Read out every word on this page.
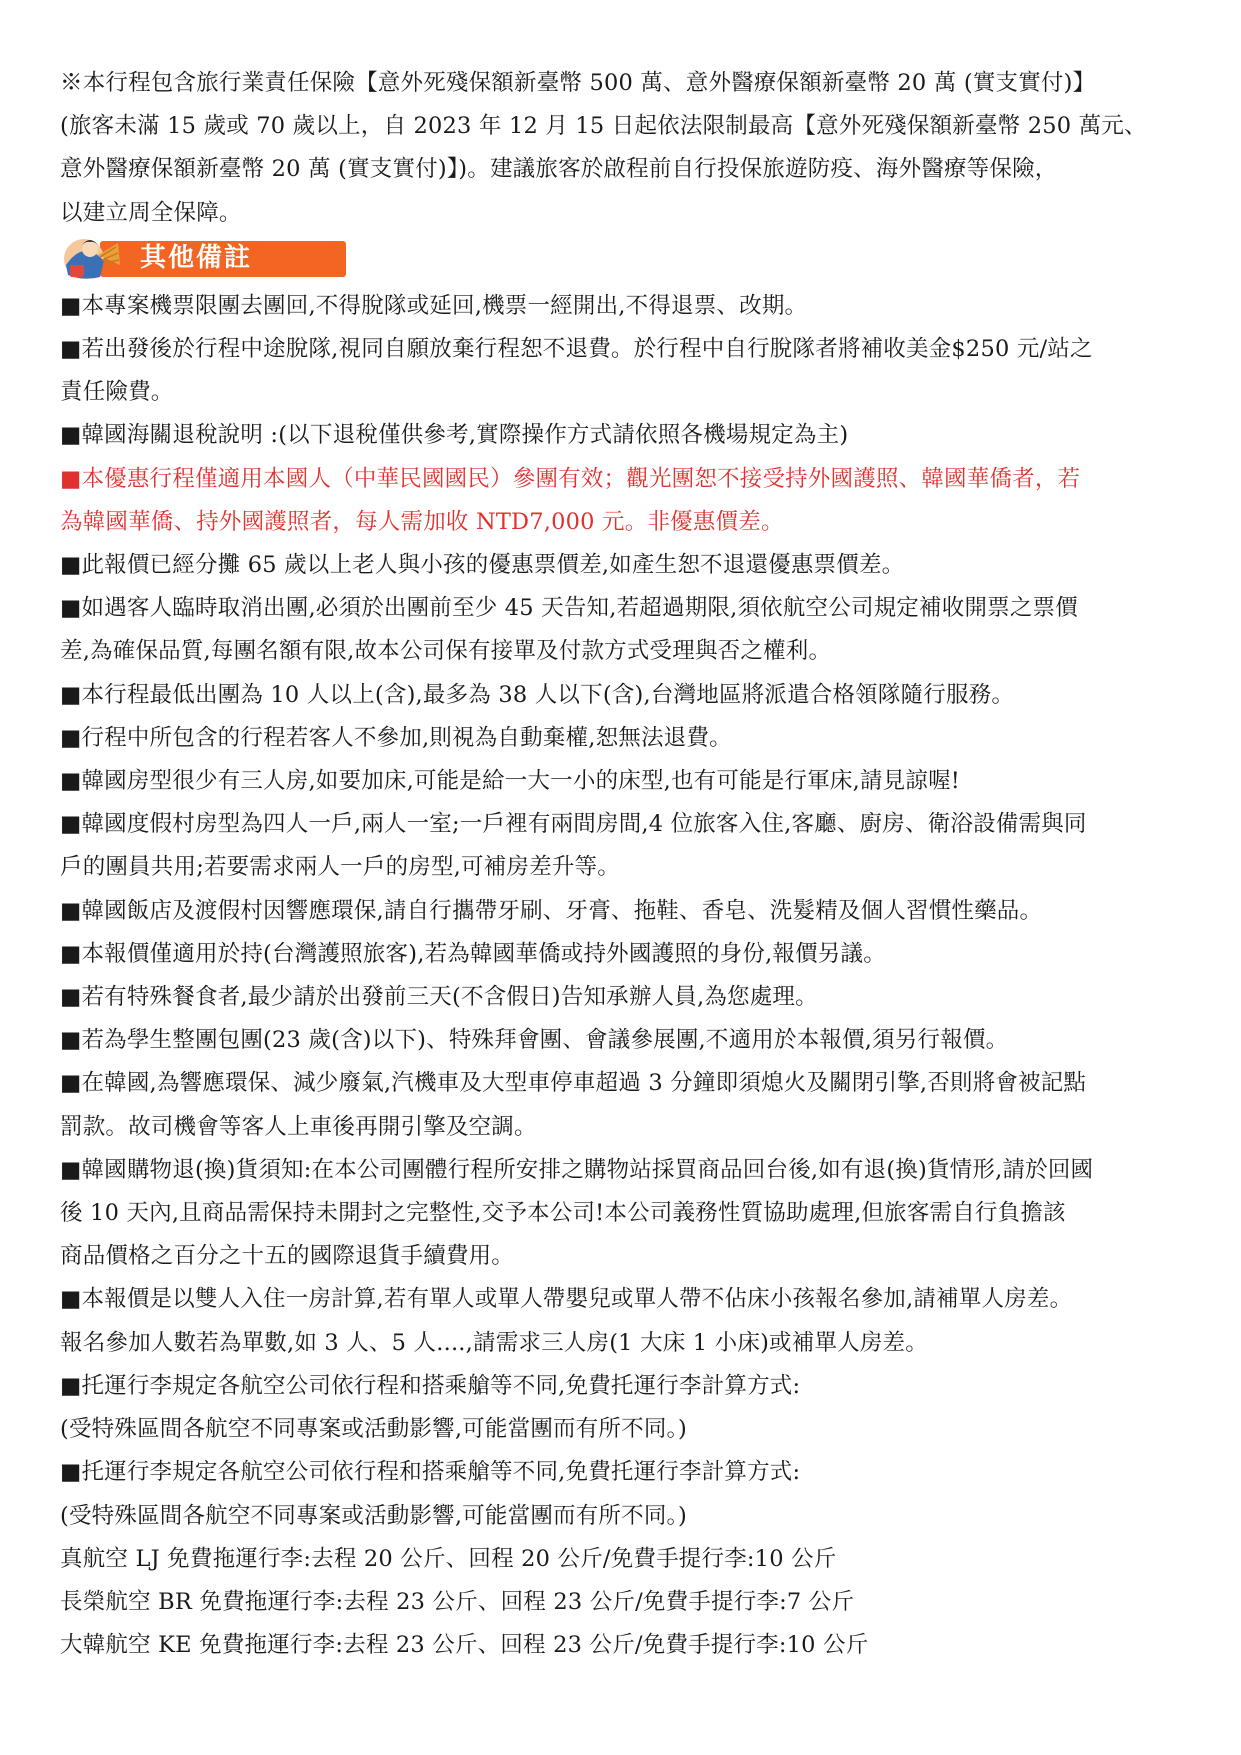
※本行程包含旅行業責任保險【意外死殘保額新臺幣 500 萬、意外醫療保額新臺幣 20 萬 (實支實付)】

(旅客未滿 15 歲或 70 歲以上，自 2023 年 12 月 15 日起依法限制最高【意外死殘保額新臺幣 250 萬元、

意外醫療保額新臺幣 20 萬 (實支實付)】)。建議旅客於啟程前自行投保旅遊防疫、海外醫療等保險，

以建立周全保障。

其他備註

■本專案機票限團去團回,不得脫隊或延回,機票一經開出,不得退票、改期。

■若出發後於行程中途脫隊,視同自願放棄行程恕不退費。於行程中自行脫隊者將補收美金$250 元/站之

責任險費。

■韓國海關退稅說明 :(以下退稅僅供參考,實際操作方式請依照各機場規定為主)

■本優惠行程僅適用本國人（中華民國國民）參團有效；觀光團恕不接受持外國護照、韓國華僑者，若

為韓國華僑、持外國護照者，每人需加收 NTD7,000 元。非優惠價差。

■此報價已經分攤 65 歲以上老人與小孩的優惠票價差,如產生恕不退還優惠票價差。

■如遇客人臨時取消出團,必須於出團前至少 45 天告知,若超過期限,須依航空公司規定補收開票之票價

差,為確保品質,每團名額有限,故本公司保有接單及付款方式受理與否之權利。

■本行程最低出團為 10 人以上(含),最多為 38 人以下(含),台灣地區將派遣合格領隊隨行服務。

■行程中所包含的行程若客人不參加,則視為自動棄權,恕無法退費。

■韓國房型很少有三人房,如要加床,可能是給一大一小的床型,也有可能是行軍床,請見諒喔!

■韓國度假村房型為四人一戶,兩人一室;一戶裡有兩間房間,4 位旅客入住,客廳、廚房、衛浴設備需與同

戶的團員共用;若要需求兩人一戶的房型,可補房差升等。

■韓國飯店及渡假村因響應環保,請自行攜帶牙刷、牙膏、拖鞋、香皂、洗髮精及個人習慣性藥品。

■本報價僅適用於持(台灣護照旅客),若為韓國華僑或持外國護照的身份,報價另議。

■若有特殊餐食者,最少請於出發前三天(不含假日)告知承辦人員,為您處理。

■若為學生整團包團(23 歲(含)以下)、特殊拜會團、會議參展團,不適用於本報價,須另行報價。

■在韓國,為響應環保、減少廢氣,汽機車及大型車停車超過 3 分鐘即須熄火及關閉引擎,否則將會被記點

罰款。故司機會等客人上車後再開引擎及空調。

■韓國購物退(換)貨須知:在本公司團體行程所安排之購物站採買商品回台後,如有退(換)貨情形,請於回國

後 10 天內,且商品需保持未開封之完整性,交予本公司!本公司義務性質協助處理,但旅客需自行負擔該

商品價格之百分之十五的國際退貨手續費用。

■本報價是以雙人入住一房計算,若有單人或單人帶嬰兒或單人帶不佔床小孩報名參加,請補單人房差。

報名參加人數若為單數,如 3 人、5 人....,請需求三人房(1 大床 1 小床)或補單人房差。

■托運行李規定各航空公司依行程和搭乘艙等不同,免費托運行李計算方式:

(受特殊區間各航空不同專案或活動影響,可能當團而有所不同。)

■托運行李規定各航空公司依行程和搭乘艙等不同,免費托運行李計算方式:

(受特殊區間各航空不同專案或活動影響,可能當團而有所不同。)

真航空 LJ 免費拖運行李:去程 20 公斤、回程 20 公斤/免費手提行李:10 公斤

長榮航空 BR 免費拖運行李:去程 23 公斤、回程 23 公斤/免費手提行李:7 公斤

大韓航空 KE 免費拖運行李:去程 23 公斤、回程 23 公斤/免費手提行李:10 公斤
